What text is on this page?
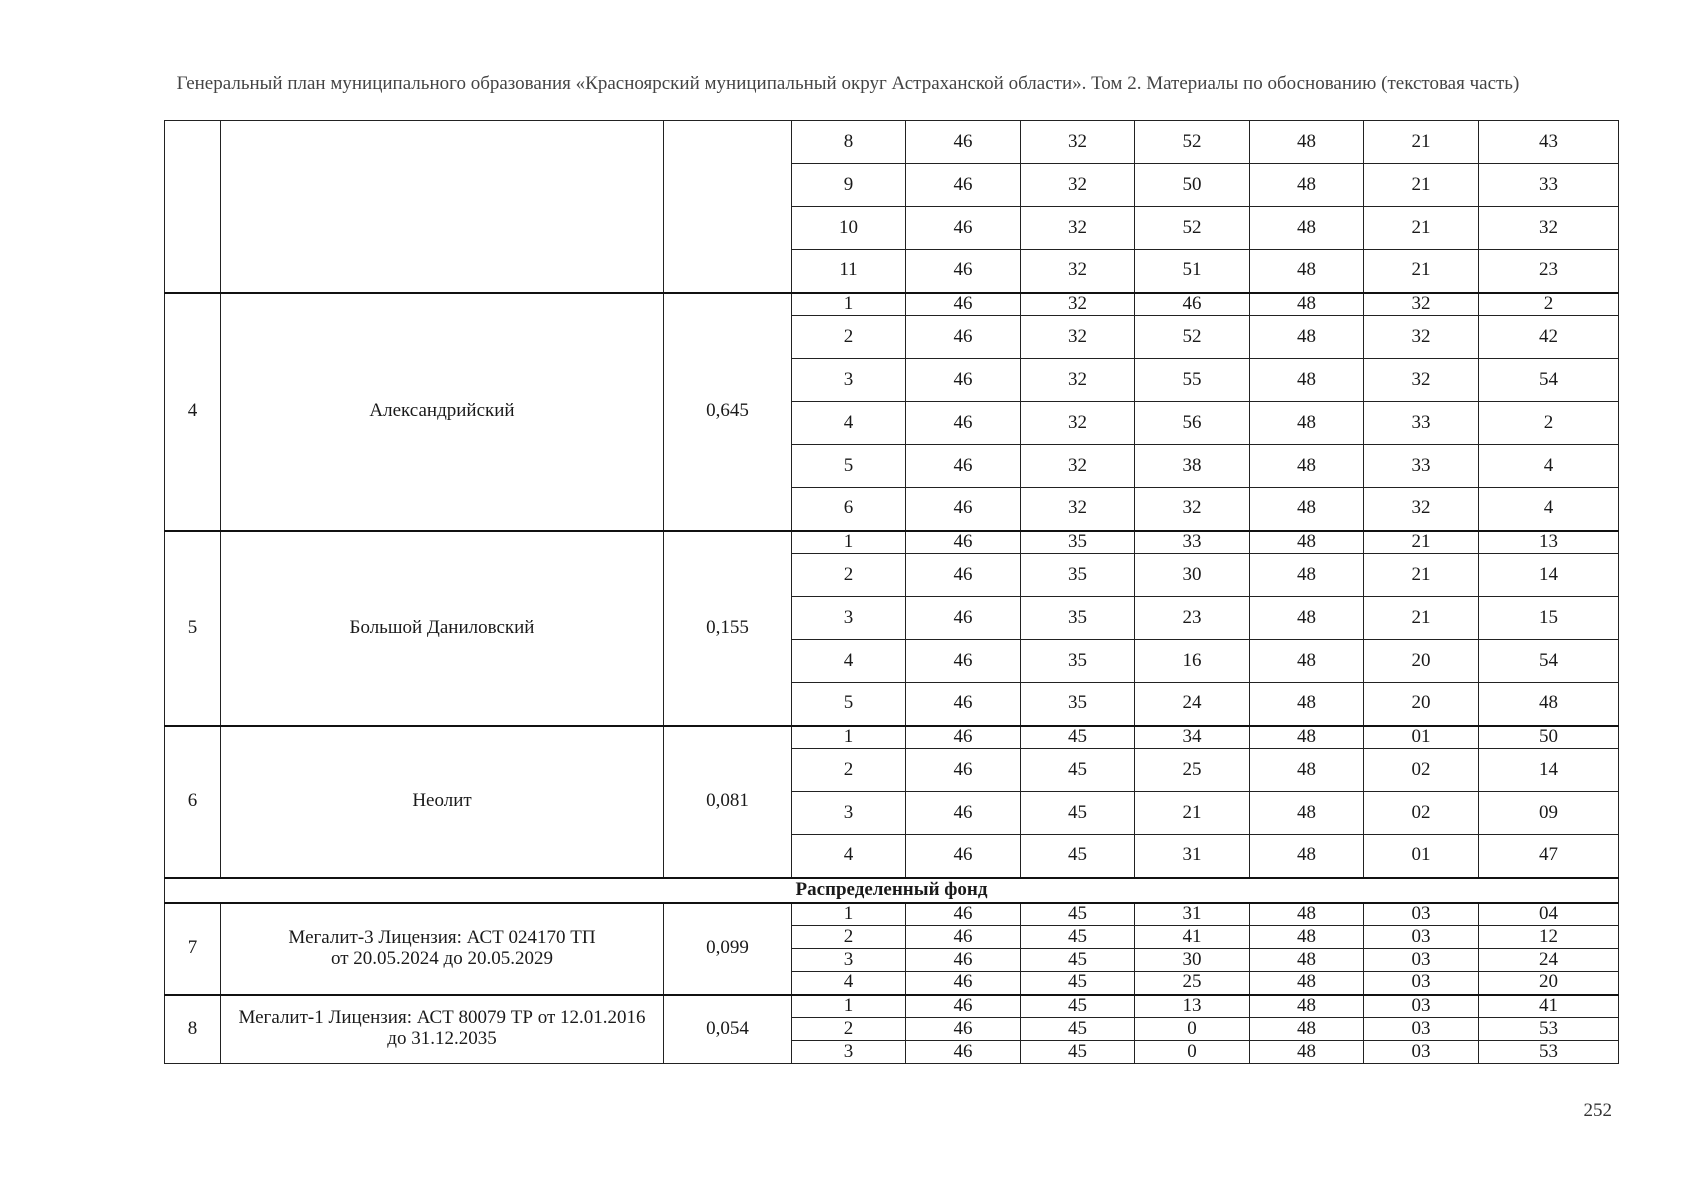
Генеральный план муниципального образования «Красноярский муниципальный округ Астраханской области». Том 2. Материалы по обоснованию (текстовая часть)
			8	46	32	52	48	21	43
			9	46	32	50	48	21	33
			10	46	32	52	48	21	32
			11	46	32	51	48	21	23
4	Александрийский	0,645	1	46	32	46	48	32	2
			2	46	32	52	48	32	42
			3	46	32	55	48	32	54
			4	46	32	56	48	33	2
			5	46	32	38	48	33	4
			6	46	32	32	48	32	4
5	Большой Даниловский	0,155	1	46	35	33	48	21	13
			2	46	35	30	48	21	14
			3	46	35	23	48	21	15
			4	46	35	16	48	20	54
			5	46	35	24	48	20	48
6	Неолит	0,081	1	46	45	34	48	01	50
			2	46	45	25	48	02	14
			3	46	45	21	48	02	09
			4	46	45	31	48	01	47
Распределенный фонд									
7	Мегалит-3 Лицензия: АСТ 024170 ТП
от 20.05.2024 до 20.05.2029	0,099	1	46	45	31	48	03	04
			2	46	45	41	48	03	12
			3	46	45	30	48	03	24
			4	46	45	25	48	03	20
8	Мегалит-1 Лицензия: АСТ 80079 ТР от 12.01.2016
до 31.12.2035	0,054	1	46	45	13	48	03	41
			2	46	45	0	48	03	53
			3	46	45	0	48	03	53
252
